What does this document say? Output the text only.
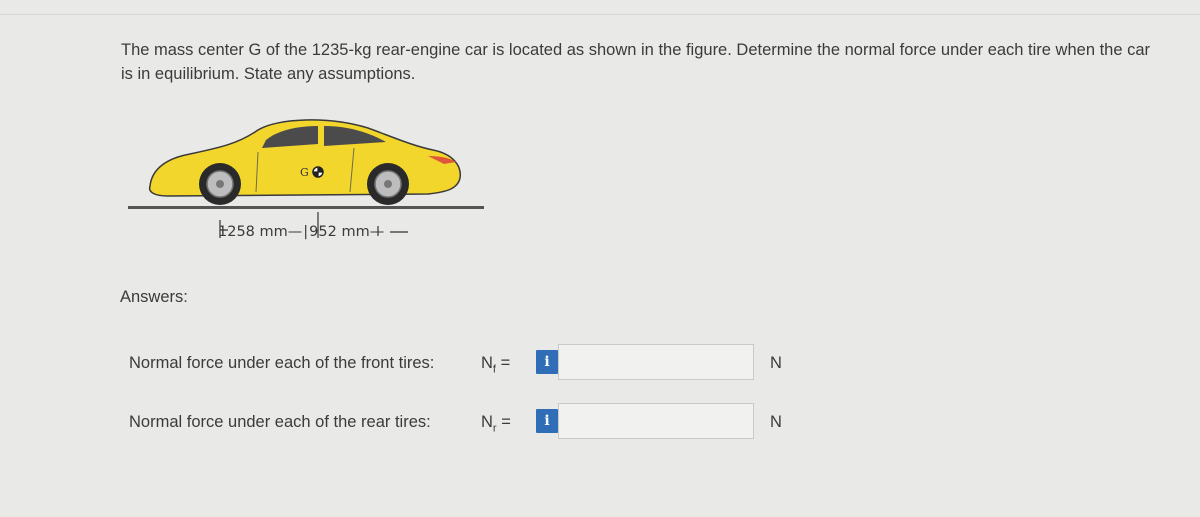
The mass center G of the 1235-kg rear-engine car is located as shown in the figure. Determine the normal force under each tire when the car is in equilibrium. State any assumptions.
G
1258 mm—|952 mm—
Answers:
Normal force under each of the front tires:	$N_f$ =	i	N
Normal force under each of the rear tires:	$N_r$ =	i	N
